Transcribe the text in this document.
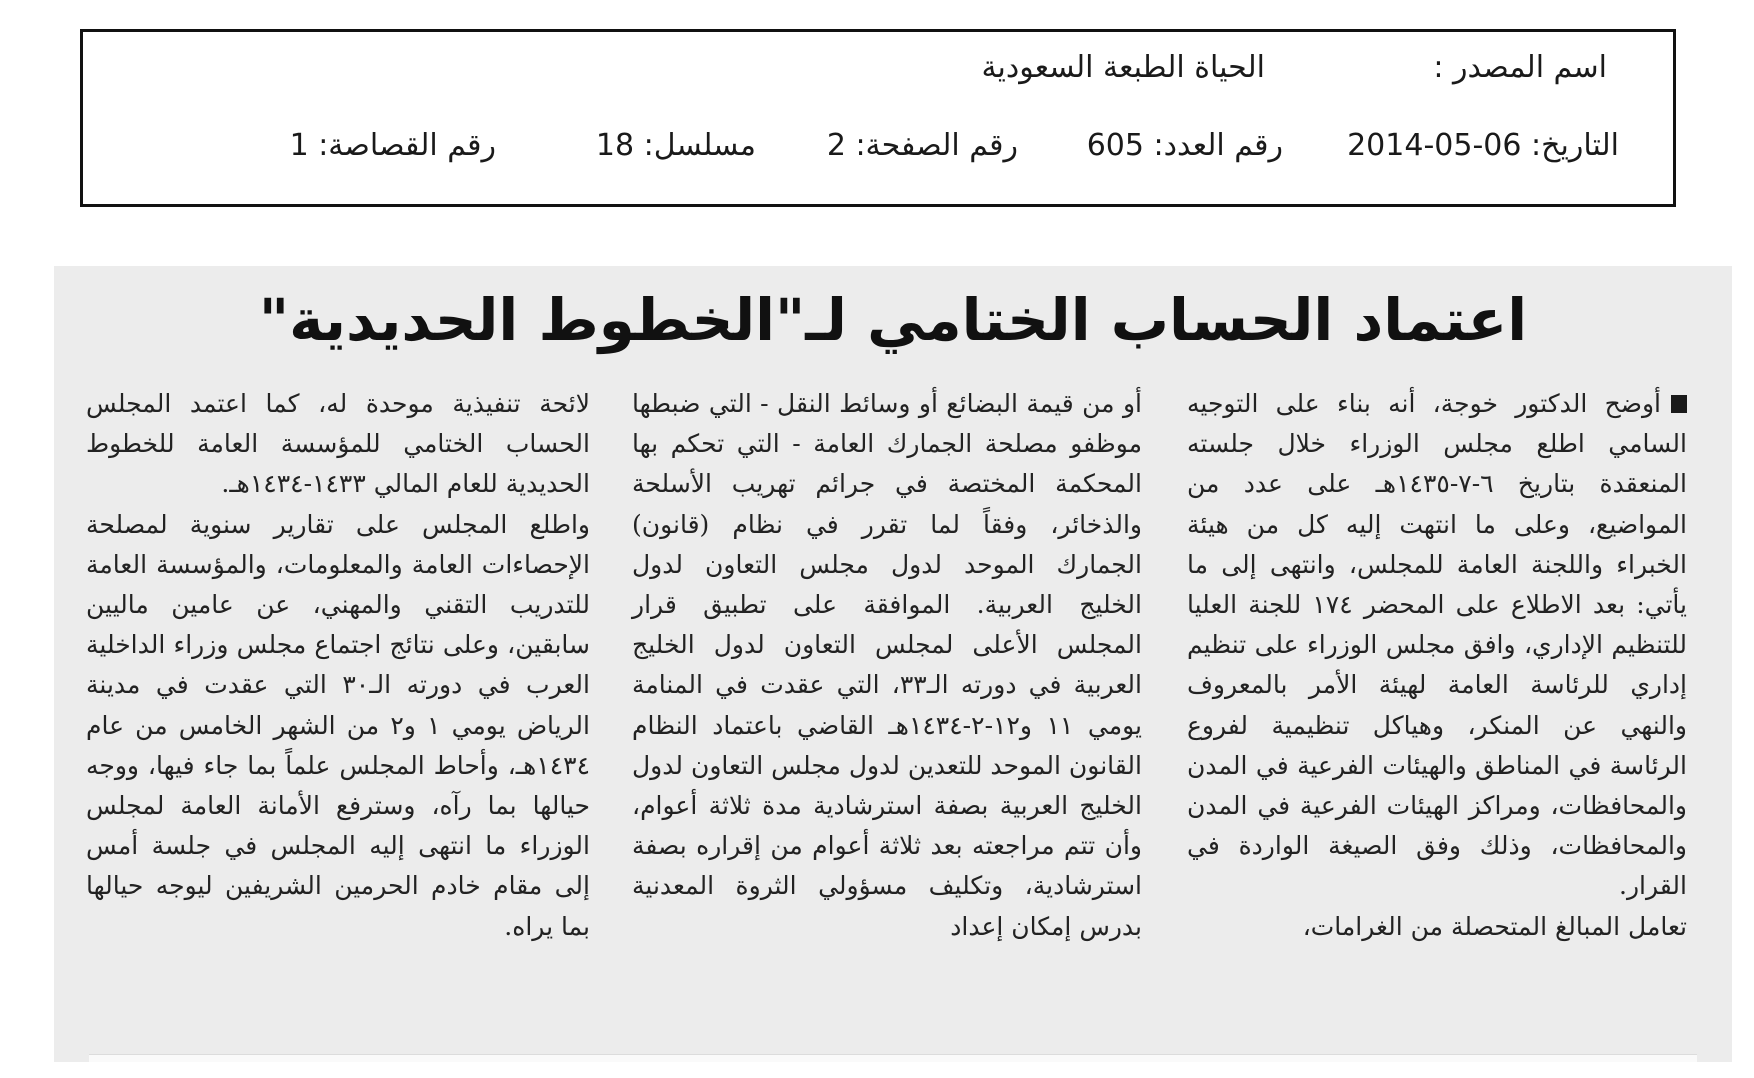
اسم المصدر :
الحياة الطبعة السعودية
التاريخ: 06-05-2014
رقم العدد: 605
رقم الصفحة: 2
مسلسل: 18
رقم القصاصة: 1
اعتماد الحساب الختامي لـ"الخطوط الحديدية"

أوضح الدكتور خوجة، أنه بناء على التوجيه السامي اطلع مجلس الوزراء خلال جلسته المنعقدة بتاريخ ٦-٧-١٤٣٥هـ على عدد من المواضيع، وعلى ما انتهت إليه كل من هيئة الخبراء واللجنة العامة للمجلس، وانتهى إلى ما يأتي: بعد الاطلاع على المحضر ١٧٤ للجنة العليا للتنظيم الإداري، وافق مجلس الوزراء على تنظيم إداري للرئاسة العامة لهيئة الأمر بالمعروف والنهي عن المنكر، وهياكل تنظيمية لفروع الرئاسة في المناطق والهيئات الفرعية في المدن والمحافظات، ومراكز الهيئات الفرعية في المدن والمحافظات، وذلك وفق الصيغة الواردة في القرار.

تعامل المبالغ المتحصلة من الغرامات،

أو من قيمة البضائع أو وسائط النقل - التي ضبطها موظفو مصلحة الجمارك العامة - التي تحكم بها المحكمة المختصة في جرائم تهريب الأسلحة والذخائر، وفقاً لما تقرر في نظام (قانون) الجمارك الموحد لدول مجلس التعاون لدول الخليج العربية. الموافقة على تطبيق قرار المجلس الأعلى لمجلس التعاون لدول الخليج العربية في دورته الـ٣٣، التي عقدت في المنامة يومي ١١ و١٢-٢-١٤٣٤هـ القاضي باعتماد النظام القانون الموحد للتعدين لدول مجلس التعاون لدول الخليج العربية بصفة استرشادية مدة ثلاثة أعوام، وأن تتم مراجعته بعد ثلاثة أعوام من إقراره بصفة استرشادية، وتكليف مسؤولي الثروة المعدنية بدرس إمكان إعداد

لائحة تنفيذية موحدة له، كما اعتمد المجلس الحساب الختامي للمؤسسة العامة للخطوط الحديدية للعام المالي ١٤٣٣-١٤٣٤هـ.

واطلع المجلس على تقارير سنوية لمصلحة الإحصاءات العامة والمعلومات، والمؤسسة العامة للتدريب التقني والمهني، عن عامين ماليين سابقين، وعلى نتائج اجتماع مجلس وزراء الداخلية العرب في دورته الـ٣٠ التي عقدت في مدينة الرياض يومي ١ و٢ من الشهر الخامس من عام ١٤٣٤هـ، وأحاط المجلس علماً بما جاء فيها، ووجه حيالها بما رآه، وسترفع الأمانة العامة لمجلس الوزراء ما انتهى إليه المجلس في جلسة أمس إلى مقام خادم الحرمين الشريفين ليوجه حيالها بما يراه.
